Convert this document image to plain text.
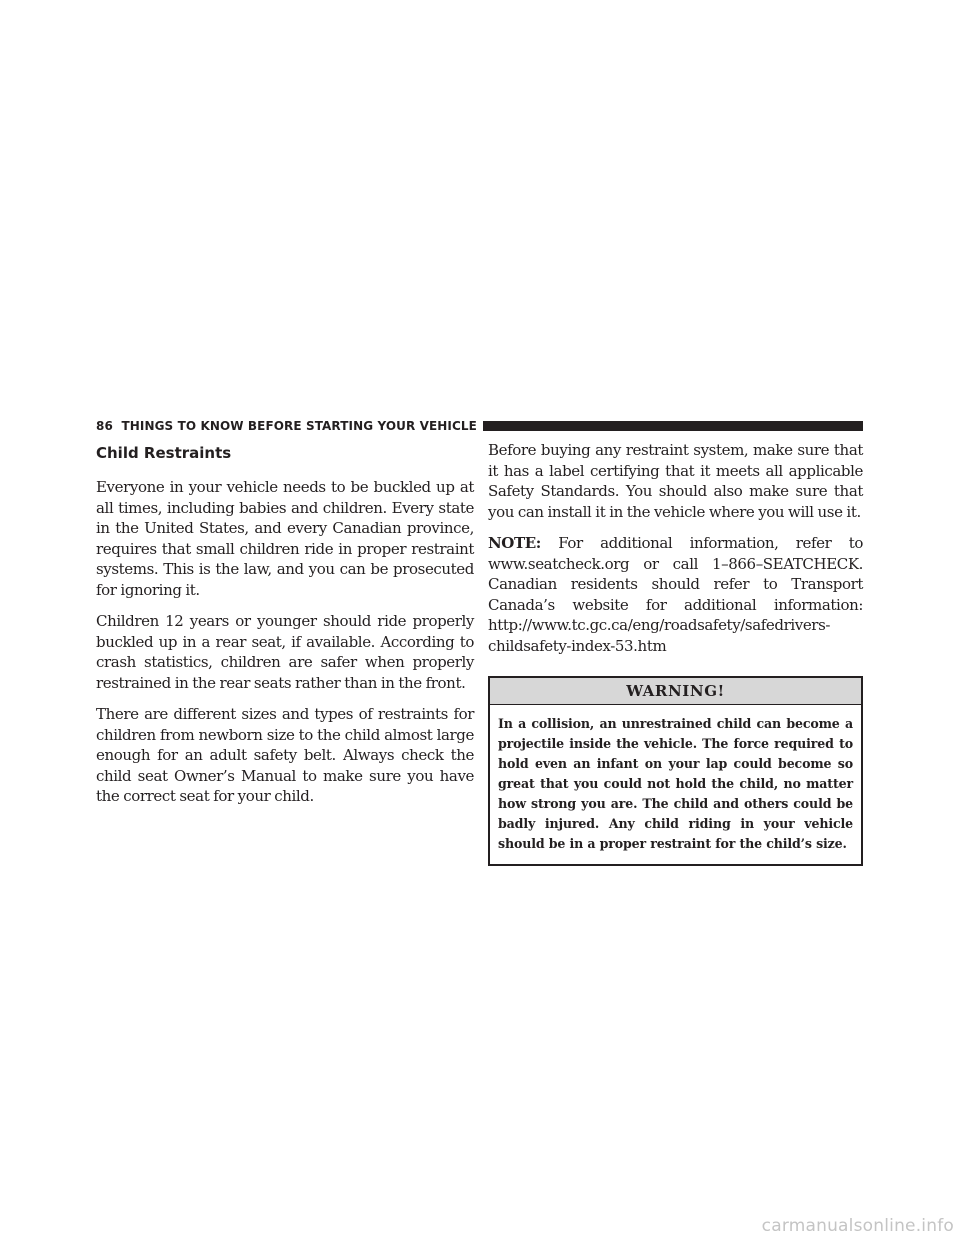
86 THINGS TO KNOW BEFORE STARTING YOUR VEHICLE
Child Restraints

Everyone in your vehicle needs to be buckled up at all times, including babies and children. Every state in the United States, and every Canadian province, requires that small children ride in proper restraint systems. This is the law, and you can be prosecuted for ignoring it.

Children 12 years or younger should ride properly buckled up in a rear seat, if available. According to crash statistics, children are safer when properly restrained in the rear seats rather than in the front.

There are different sizes and types of restraints for children from newborn size to the child almost large enough for an adult safety belt. Always check the child seat Owner’s Manual to make sure you have the correct seat for your child.

Before buying any restraint system, make sure that it has a label certifying that it meets all applicable Safety Standards. You should also make sure that you can install it in the vehicle where you will use it.

NOTE: For additional information, refer to www.seatcheck.org or call 1–866–SEATCHECK. Canadian residents should refer to Transport Canada’s website for additional information: http://www.tc.gc.ca/eng/roadsafety/safedrivers-childsafety-index-53.htm

WARNING!
In a collision, an unrestrained child can become a projectile inside the vehicle. The force required to hold even an infant on your lap could become so great that you could not hold the child, no matter how strong you are. The child and others could be badly injured. Any child riding in your vehicle should be in a proper restraint for the child’s size.
carmanualsonline.info
